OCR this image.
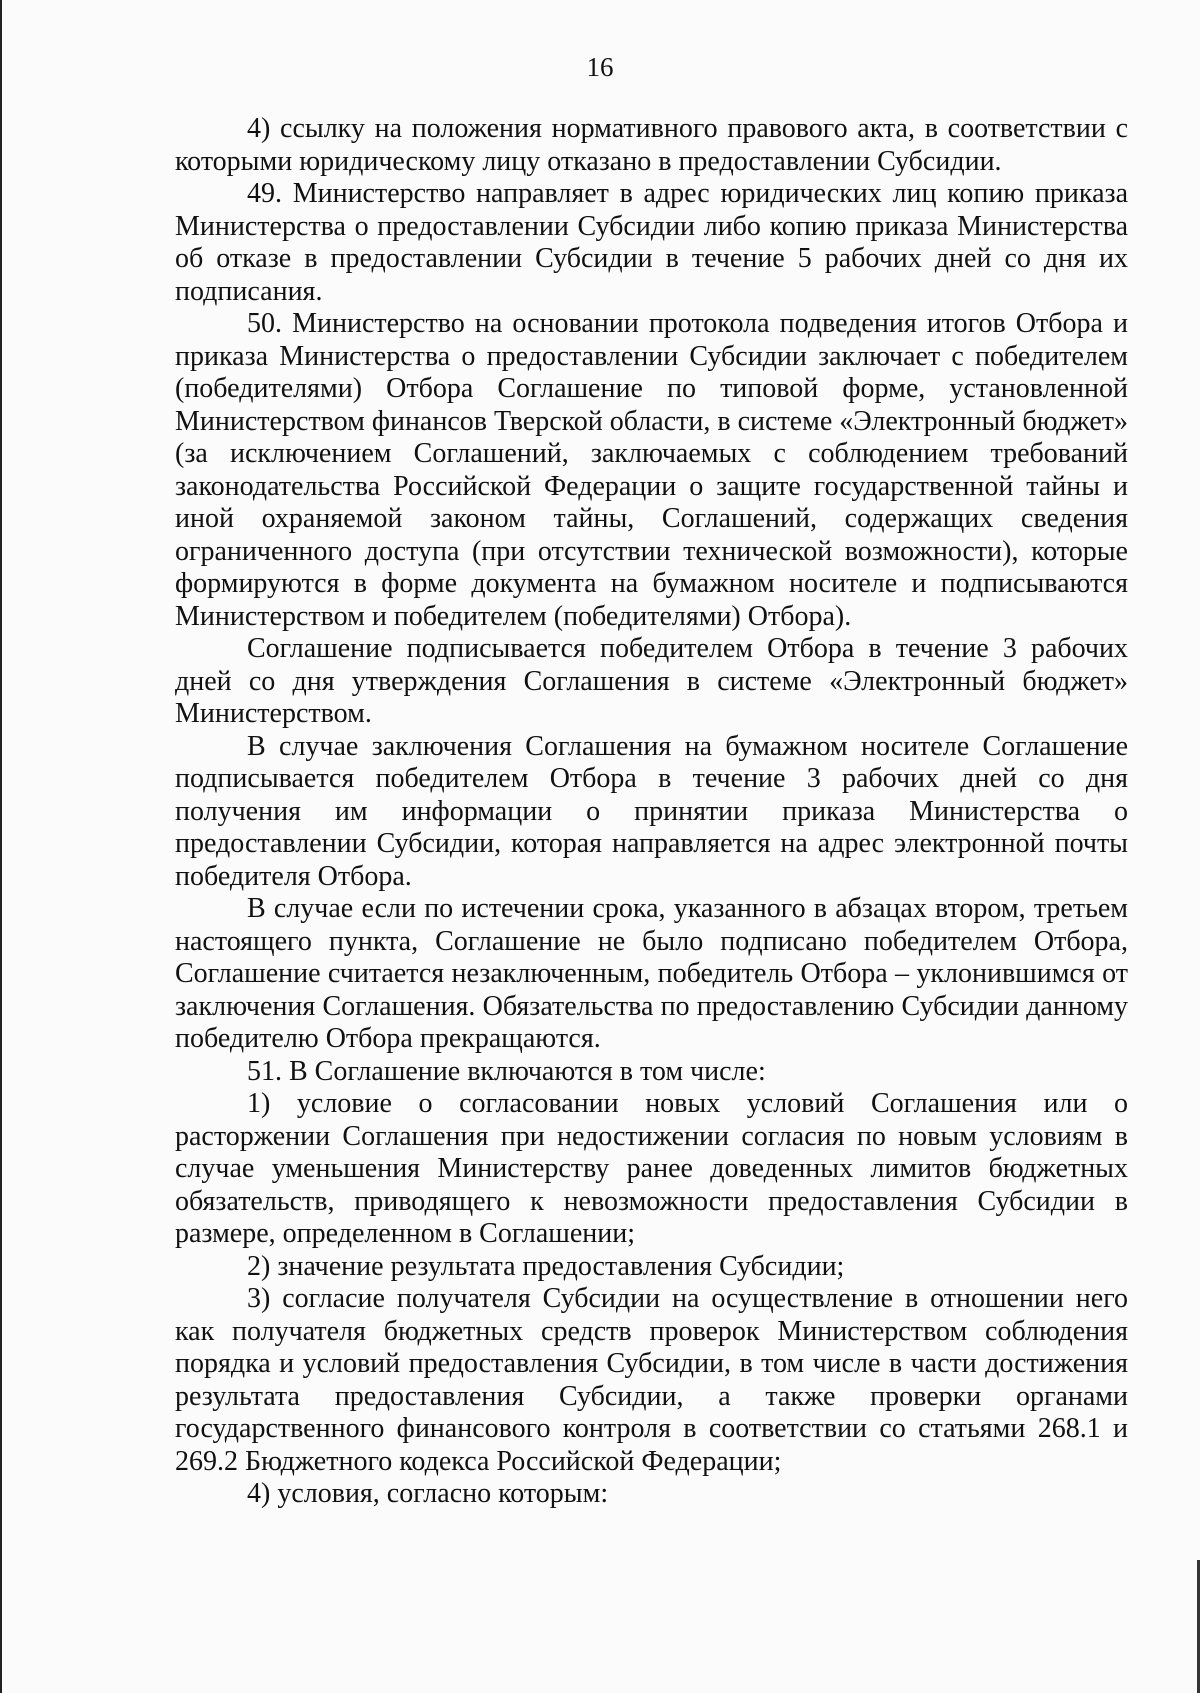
16

4) ссылку на положения нормативного правового акта, в соответствии с которыми юридическому лицу отказано в предоставлении Субсидии.

49. Министерство направляет в адрес юридических лиц копию приказа Министерства о предоставлении Субсидии либо копию приказа Министерства об отказе в предоставлении Субсидии в течение 5 рабочих дней со дня их подписания.

50. Министерство на основании протокола подведения итогов Отбора и приказа Министерства о предоставлении Субсидии заключает с победителем (победителями) Отбора Соглашение по типовой форме, установленной Министерством финансов Тверской области, в системе «Электронный бюджет» (за исключением Соглашений, заключаемых с соблюдением требований законодательства Российской Федерации о защите государственной тайны и иной охраняемой законом тайны, Соглашений, содержащих сведения ограниченного доступа (при отсутствии технической возможности), которые формируются в форме документа на бумажном носителе и подписываются Министерством и победителем (победителями) Отбора).

Соглашение подписывается победителем Отбора в течение 3 рабочих дней со дня утверждения Соглашения в системе «Электронный бюджет» Министерством.

В случае заключения Соглашения на бумажном носителе Соглашение подписывается победителем Отбора в течение 3 рабочих дней со дня получения им информации о принятии приказа Министерства о предоставлении Субсидии, которая направляется на адрес электронной почты победителя Отбора.

В случае если по истечении срока, указанного в абзацах втором, третьем настоящего пункта, Соглашение не было подписано победителем Отбора, Соглашение считается незаключенным, победитель Отбора – уклонившимся от заключения Соглашения. Обязательства по предоставлению Субсидии данному победителю Отбора прекращаются.

51. В Соглашение включаются в том числе:

1) условие о согласовании новых условий Соглашения или о расторжении Соглашения при недостижении согласия по новым условиям в случае уменьшения Министерству ранее доведенных лимитов бюджетных обязательств, приводящего к невозможности предоставления Субсидии в размере, определенном в Соглашении;

2) значение результата предоставления Субсидии;

3) согласие получателя Субсидии на осуществление в отношении него как получателя бюджетных средств проверок Министерством соблюдения порядка и условий предоставления Субсидии, в том числе в части достижения результата предоставления Субсидии, а также проверки органами государственного финансового контроля в соответствии со статьями 268.1 и 269.2 Бюджетного кодекса Российской Федерации;

4) условия, согласно которым:
